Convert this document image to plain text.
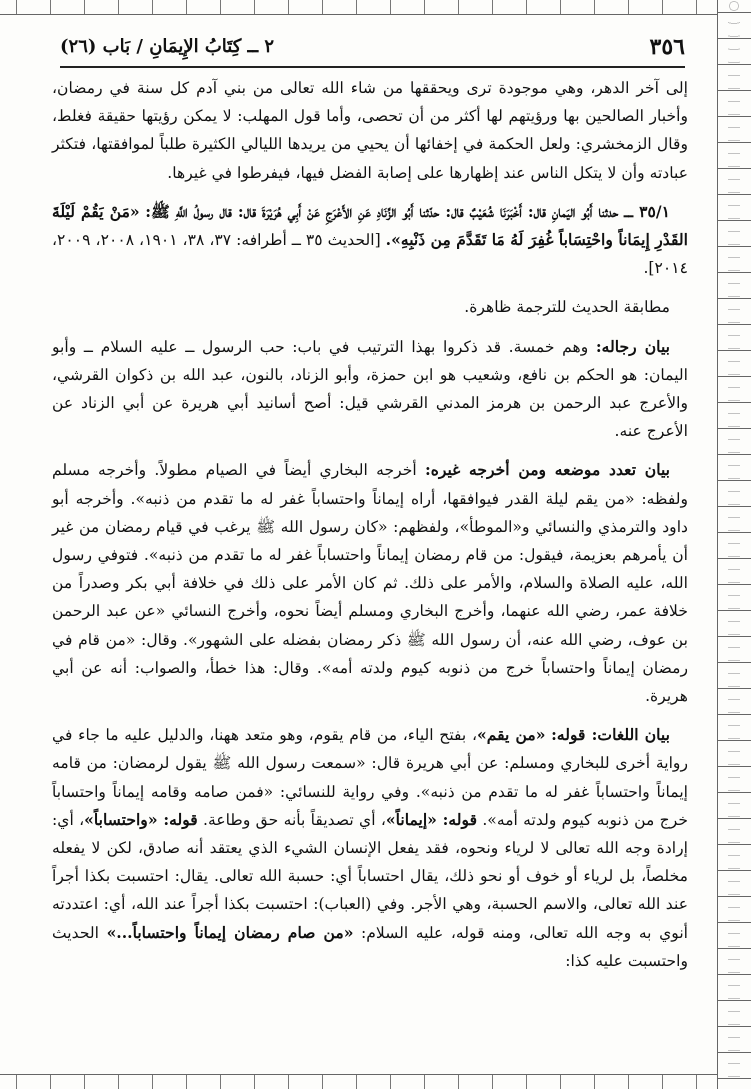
٣٥٦
٢ ــ كِتَابُ الإِيمَانِ / بَاب (٢٦)

إلى آخر الدهر، وهي موجودة ترى ويحققها من شاء الله تعالى من بني آدم كل سنة في رمضان، وأخبار الصالحين بها ورؤيتهم لها أكثر من أن تحصى، وأما قول المهلب: لا يمكن رؤيتها حقيقة فغلط، وقال الزمخشري: ولعل الحكمة في إخفائها أن يحيي من يريدها الليالي الكثيرة طلباً لموافقتها، فتكثر عبادته وأن لا يتكل الناس عند إظهارها على إصابة الفضل فيها، فيفرطوا في غيرها.

٣٥/١ ــ حدثنا أَبُو اليَمانِ قال: أَخْبَرَنَا شُعَيْبٌ قال: حدّثنا أَبُو الزِّنَادِ عَنِ الأَعْرَجِ عَنْ أَبِي هُرَيْرَةَ قال: قال رسولُ اللَّهِ ﷺ: «مَنْ يَقُمْ لَيْلَةَ القَدْرِ إِيمَاناً واحْتِسَاباً غُفِرَ لَهُ مَا تَقَدَّمَ مِن ذَنْبِهِ». [الحديث ٣٥ ــ أطرافه: ٣٧، ٣٨، ١٩٠١، ٢٠٠٨، ٢٠٠٩، ٢٠١٤].

مطابقة الحديث للترجمة ظاهرة.

بيان رجاله: وهم خمسة. قد ذكروا بهذا الترتيب في باب: حب الرسول ــ عليه السلام ــ وأبو اليمان: هو الحكم بن نافع، وشعيب هو ابن حمزة، وأبو الزناد، بالنون، عبد الله بن ذكوان القرشي، والأعرج عبد الرحمن بن هرمز المدني القرشي قيل: أصح أسانيد أبي هريرة عن أبي الزناد عن الأعرج عنه.

بيان تعدد موضعه ومن أخرجه غيره: أخرجه البخاري أيضاً في الصيام مطولاً. وأخرجه مسلم ولفظه: «من يقم ليلة القدر فيوافقها، أراه إيماناً واحتساباً غفر له ما تقدم من ذنبه». وأخرجه أبو داود والترمذي والنسائي و«الموطأ»، ولفظهم: «كان رسول الله ﷺ يرغب في قيام رمضان من غير أن يأمرهم بعزيمة، فيقول: من قام رمضان إيماناً واحتساباً غفر له ما تقدم من ذنبه». فتوفي رسول الله، عليه الصلاة والسلام، والأمر على ذلك. ثم كان الأمر على ذلك في خلافة أبي بكر وصدراً من خلافة عمر، رضي الله عنهما، وأخرج البخاري ومسلم أيضاً نحوه، وأخرج النسائي «عن عبد الرحمن بن عوف، رضي الله عنه، أن رسول الله ﷺ ذكر رمضان بفضله على الشهور». وقال: «من قام في رمضان إيماناً واحتساباً خرج من ذنوبه كيوم ولدته أمه». وقال: هذا خطأ، والصواب: أنه عن أبي هريرة.

بيان اللغات: قوله: «من يقم»، بفتح الياء، من قام يقوم، وهو متعد ههنا، والدليل عليه ما جاء في رواية أخرى للبخاري ومسلم: عن أبي هريرة قال: «سمعت رسول الله ﷺ يقول لرمضان: من قامه إيماناً واحتساباً غفر له ما تقدم من ذنبه». وفي رواية للنسائي: «فمن صامه وقامه إيماناً واحتساباً خرج من ذنوبه كيوم ولدته أمه». قوله: «إيماناً»، أي تصديقاً بأنه حق وطاعة. قوله: «واحتساباً»، أي: إرادة وجه الله تعالى لا لرياء ونحوه، فقد يفعل الإنسان الشيء الذي يعتقد أنه صادق، لكن لا يفعله مخلصاً، بل لرياء أو خوف أو نحو ذلك، يقال احتساباً أي: حسبة الله تعالى. يقال: احتسبت بكذا أجراً عند الله تعالى، والاسم الحسبة، وهي الأجر. وفي (العباب): احتسبت بكذا أجراً عند الله، أي: اعتددته أنوي به وجه الله تعالى، ومنه قوله، عليه السلام: «من صام رمضان إيماناً واحتساباً...» الحديث واحتسبت عليه كذا:
